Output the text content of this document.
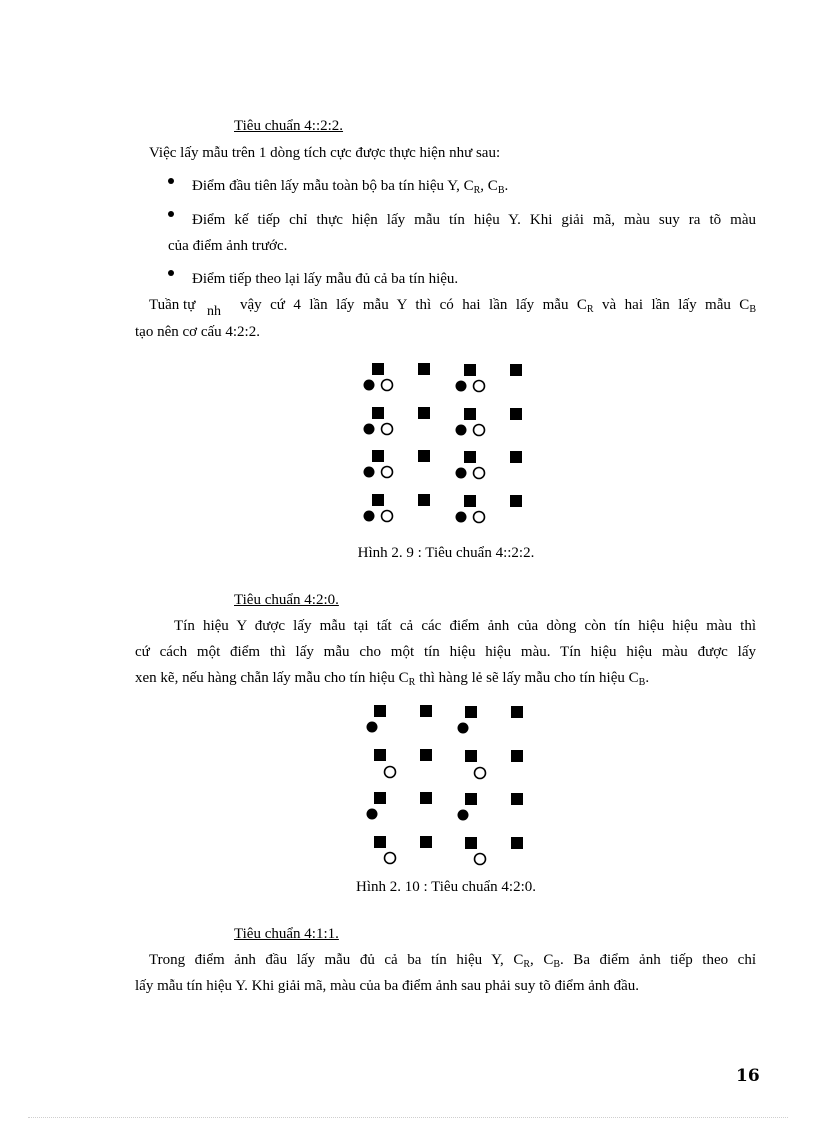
Tiêu chuẩn 4::2:2.
Việc lấy mẫu trên 1 dòng tích cực được thực hiện như sau:
Điểm đầu tiên lấy mẫu toàn bộ ba tín hiệu Y, $C_R$, $C_B$.
Điểm kế tiếp chỉ thực hiện lấy mẫu tín hiệu Y. Khi giải mã, màu suy ra tõ màu
của điểm ảnh trước.
Điểm tiếp theo lại lấy mẫu đủ cả ba tín hiệu.
Tuần tự nh vậy cứ 4 lần lấy mẫu Y thì có hai lần lấy mẫu $C_R$ và hai lần lấy mẫu $C_B$
tạo nên cơ cấu 4:2:2.
Hình 2. 9 : Tiêu chuẩn 4::2:2.
Tiêu chuẩn 4:2:0.
Tín hiệu Y được lấy mẫu tại tất cả các điểm ảnh của dòng còn tín hiệu hiệu màu thì
cứ cách một điểm thì lấy mẫu cho một tín hiệu hiệu màu. Tín hiệu hiệu màu được lấy
xen kẽ, nếu hàng chẵn lấy mẫu cho tín hiệu $C_R$ thì hàng lẻ sẽ lấy mẫu cho tín hiệu $C_B$.
Hình 2. 10 : Tiêu chuẩn 4:2:0.
Tiêu chuẩn 4:1:1.
Trong điểm ảnh đầu lấy mẫu đủ cả ba tín hiệu Y, $C_R$, $C_B$. Ba điểm ảnh tiếp theo chỉ
lấy mẫu tín hiệu Y. Khi giải mã, màu của ba điểm ảnh sau phải suy tõ điểm ảnh đầu.
16
